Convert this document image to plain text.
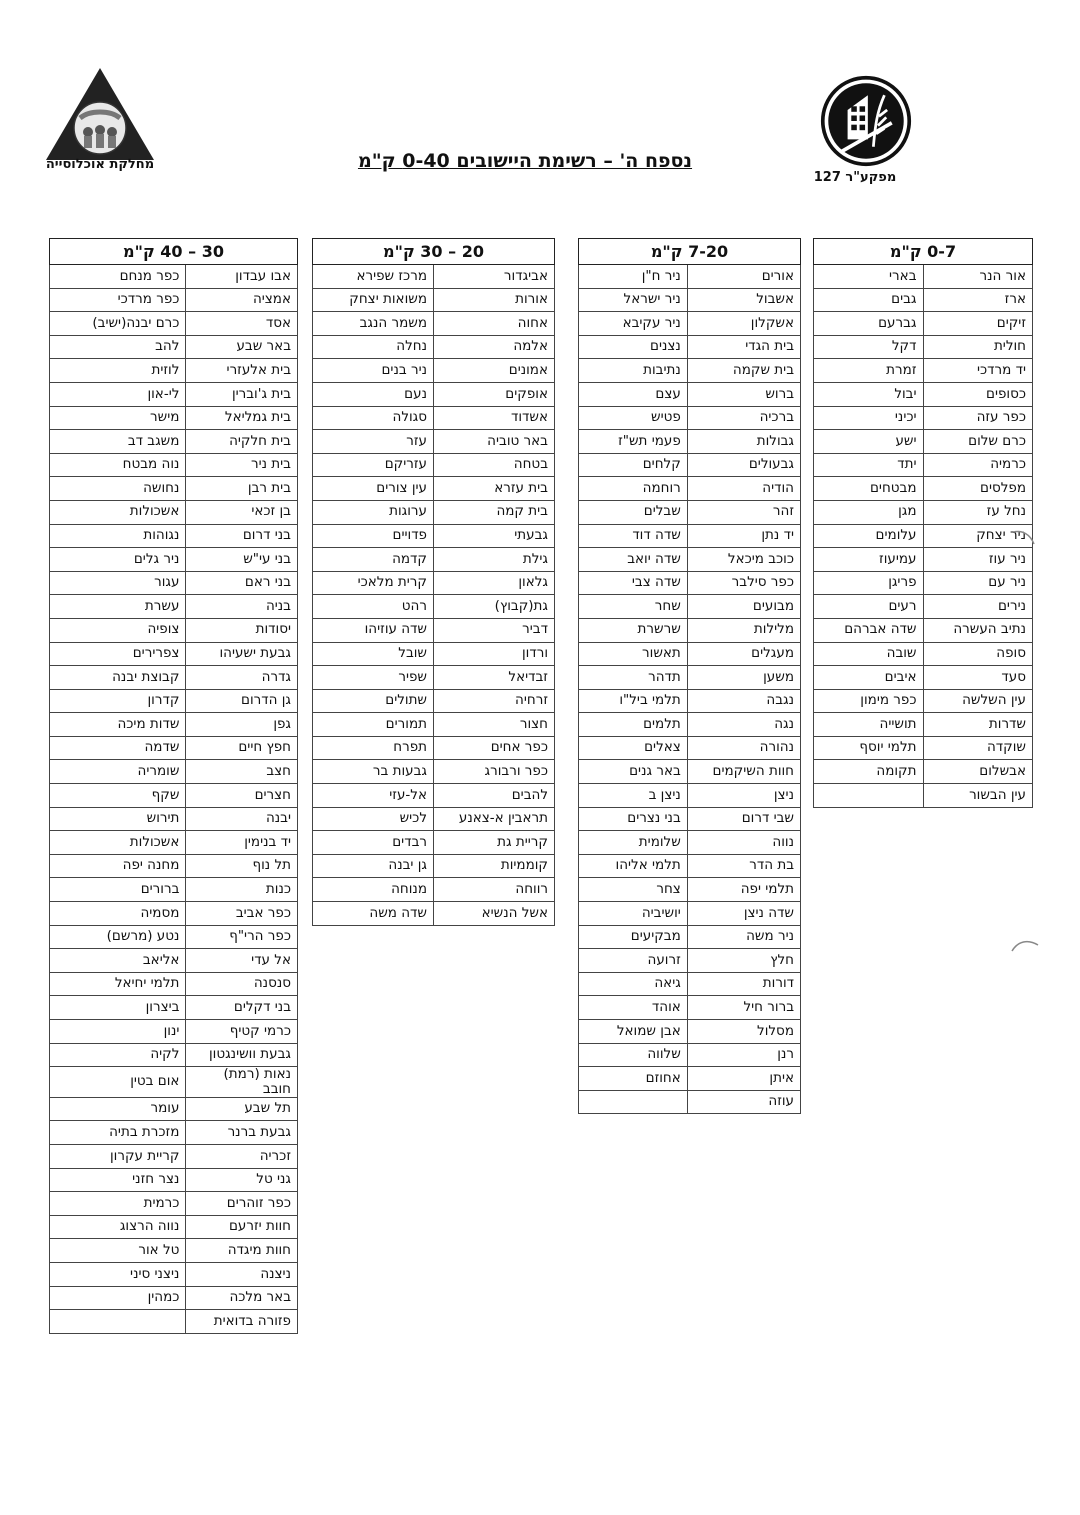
מפקע"ר 127
מחלקת אוכלוסייה	נספח ה' – רשימת היישובים 0-40 ק"מ
0-7 ק"מ	
אור הנר	בארי
ארז	גבים
זיקים	גברעם
חולית	דקל
יד מרדכי	זמרת
כסופים	יבול
כפר עזה	יכיני
כרם שלום	ישע
כרמיה	יתד
מפלסים	מבטחים
נחל עז	מגן
ניר יצחק	עלומים
ניר עוז	עמיעוז
ניר עם	פריגן
נירים	רעים
נתיב העשרה	שדה אברהם
סופה	שובה
סעד	איבים
עין השלשה	כפר מימון
שדרות	תושייה
שוקדה	תלמי יוסף
אבשלום	תקומה
עין הבשור	
7-20 ק"מ	
אורים	ניר ח"ן
אשבול	ניר ישראל
אשקלון	ניר עקיבא
בית הגדי	נצנים
בית שקמה	נתיבות
ברוש	עצם
ברכיה	פטיש
גבולות	פעמי תש"ז
גבעולים	קלחים
הודיה	רוחמה
זהר	שבלים
יד נתן	שדה דוד
כוכב מיכאל	שדה יואב
כפר סילבר	שדה צבי
מבועים	שחר
מלילות	שרשרת
מעגלים	תאשור
משען	תדהר
נגבה	תלמי ביל"ו
נגה	תלמים
נהורה	צאלים
חוות השיקמים	באר גנים
ניצן	ניצן ב
שבי דרום	בני נצרים
נווה	שלומית
בת הדר	תלמי אליהו
תלמי יפה	צחר
שדה ניצן	יושיביה
ניר משה	מבקיעים
חלץ	זרועה
דורות	גיאה
ברור חיל	אוהד
מסלול	אבן שמואל
רנן	שלווה
איתן	אחוזם
עוזה	
20 – 30 ק"מ	
אביגדור	מרכז שפירא
אורות	משואות יצחק
אחוה	משמר הנגב
אלמה	נחלה
אמונים	ניר בנים
אופקים	נעם
אשדוד	סגולה
באר טוביה	עזר
בטחה	עזריקם
בית עזרא	עין צורים
בית קמה	ערוגות
גבעתי	פדויים
גילת	קדמה
גלאון	קרית מלאכי
גת(קבוץ)	רהט
דביר	שדה עוזיהו
ורדון	שובל
זבדיאל	שפיר
זרחיה	שתולים
חצור	תמורים
כפר אחים	תפרח
כפר ורבורג	גבעות בר
להבים	אל-עזי
תראבין א-צאנע	לכיש
קריית גת	רבדים
קוממיות	גן יבנה
רווחה	מנוחה
אשל הנשיא	שדה משה
30 – 40 ק"מ	
אבו עבדון	כפר מנחם
אמציה	כפר מרדכי
אסד	כרם יבנה(ישיב)
באר שבע	להב
בית אלעזרי	לוזית
בית ג'וברין	לי-און
בית גמליאל	מישר
בית חלקיה	משגב דב
בית ניר	נוה מבטח
בית רבן	נחושה
בן זכאי	אשכולות
בני דרום	נגוהות
בני עי"ש	ניר גלים
בני ראם	עגור
בניה	עשרת
יסודות	צופיה
גבעת ישעיהו	צפרירים
גדרה	קבוצת יבנה
גן הדרום	קדרון
גפן	שדות מיכה
חפץ חיים	שדמה
חצב	שומריה
חצרים	שקף
יבנה	תירוש
יד בנימין	אשכולות
תל נוף	מחנה יפה
כנות	ברורים
כפר אביב	מסמיה
כפר הרי"ף	נטע (מרשם)
אל עדי	אליאב
סנסנה	תלמי יחיאל
בני דקלים	ביצרון
כרמי קטיף	ינון
גבעת וושינגטון	לקיה
נאות (רמת) חובב	אום בטין
תל שבע	עומר
גבעת ברנר	מזכרת בתיה
זכריה	קריית עקרון
גני טל	נצר חזני
כפר זוהרים	כרמית
חוות יזרעם	נווה הרצוג
חוות מיגדה	טל אור
ניצנה	ניצני סיני
באר מלכה	כמהין
פזורה בדואית	
